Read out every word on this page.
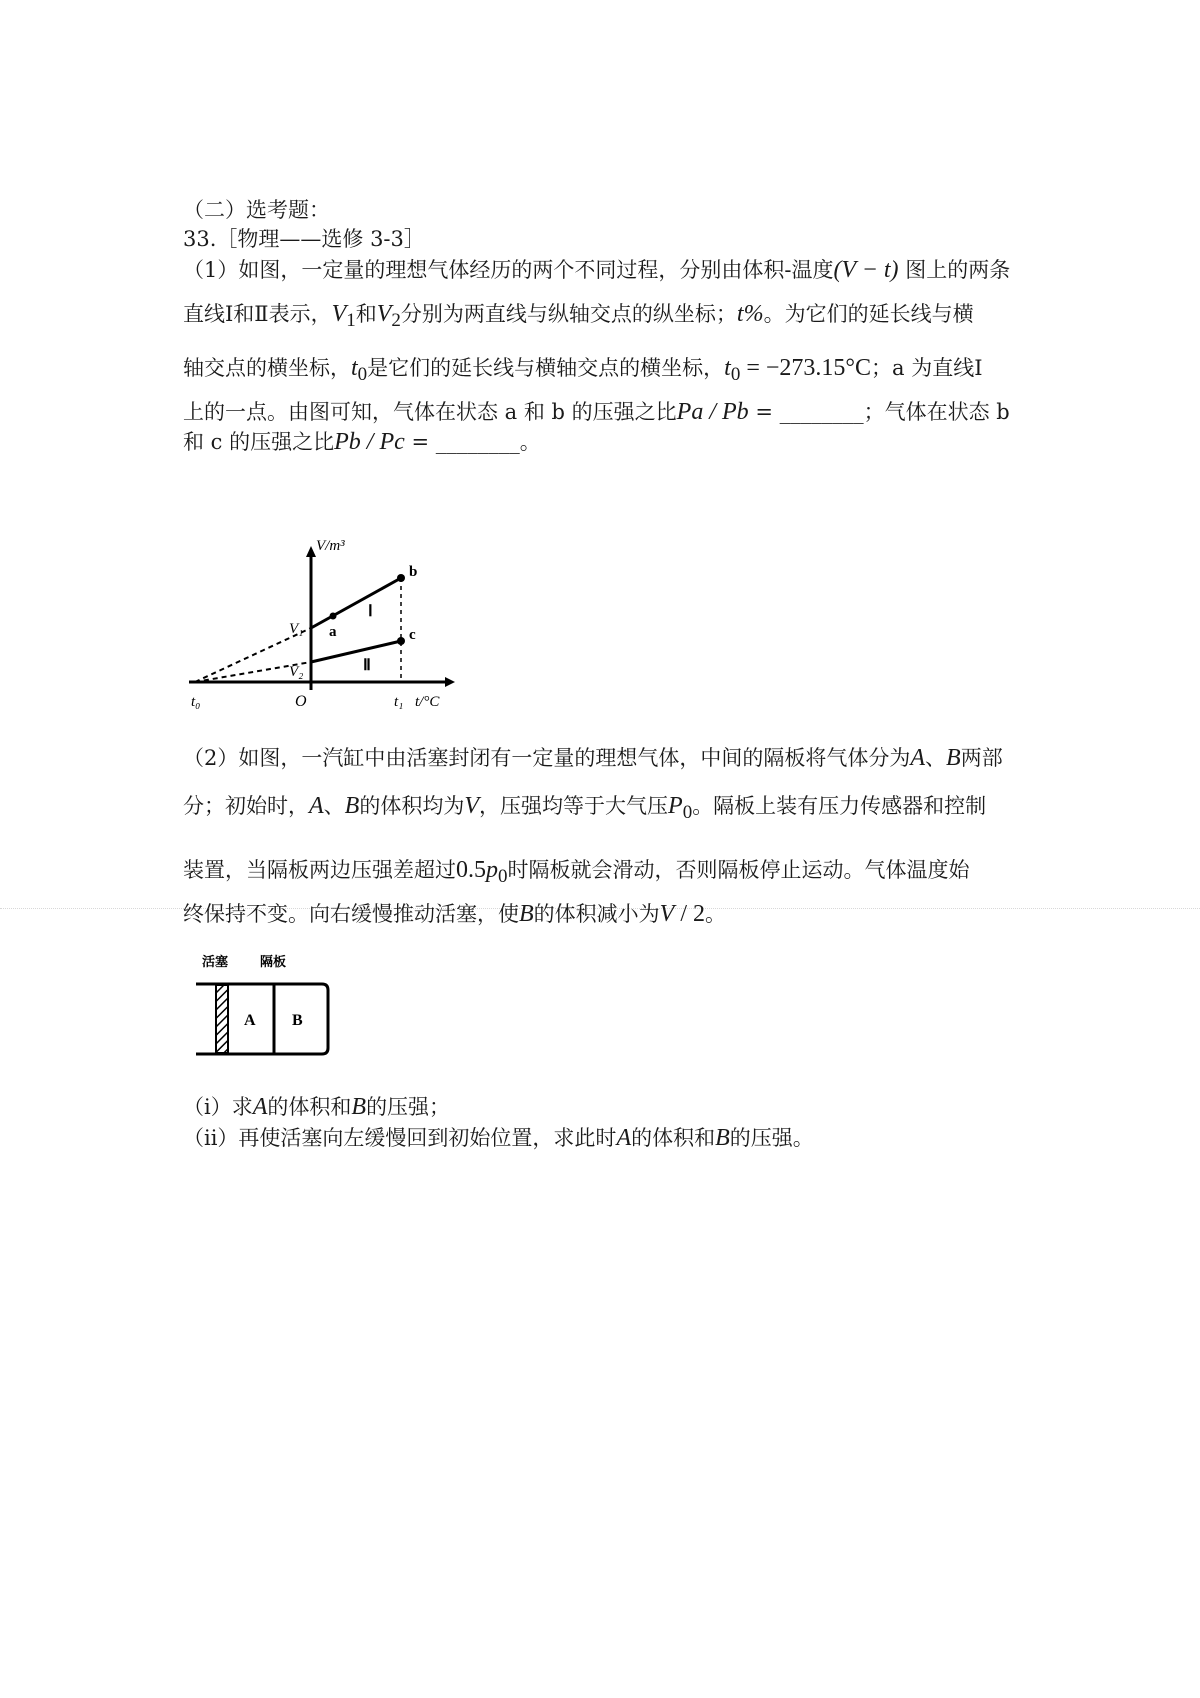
（二）选考题：
33.［物理——选修 3-3］
（1）如图，一定量的理想气体经历的两个不同过程，分别由体积-温度(V − t) 图上的两条
直线Ⅰ和Ⅱ表示，$V_1$和$V_2$分别为两直线与纵轴交点的纵坐标；t%。为它们的延长线与横
轴交点的横坐标，$t_0$是它们的延长线与横轴交点的横坐标，$t_0 = -273.15^\circ C$；a 为直线Ⅰ
上的一点。由图可知，气体在状态 a 和 b 的压强之比Pa / Pb = ________；气体在状态 b
和 c 的压强之比Pb / Pc = ________。
V/m³
t/°C
O
t₀	t₁
V₁
V₂
Ⅰ
Ⅱ
a
b
c
（2）如图，一汽缸中由活塞封闭有一定量的理想气体，中间的隔板将气体分为A、B两部
分；初始时，A、B的体积均为V，压强均等于大气压$P_0$。隔板上装有压力传感器和控制
装置，当隔板两边压强差超过$0.5p_0$时隔板就会滑动，否则隔板停止运动。气体温度始
终保持不变。向右缓慢推动活塞，使B的体积减小为V / 2。
活塞 隔板
A B
（i）求A的体积和B的压强；
（ii）再使活塞向左缓慢回到初始位置，求此时A的体积和B的压强。
